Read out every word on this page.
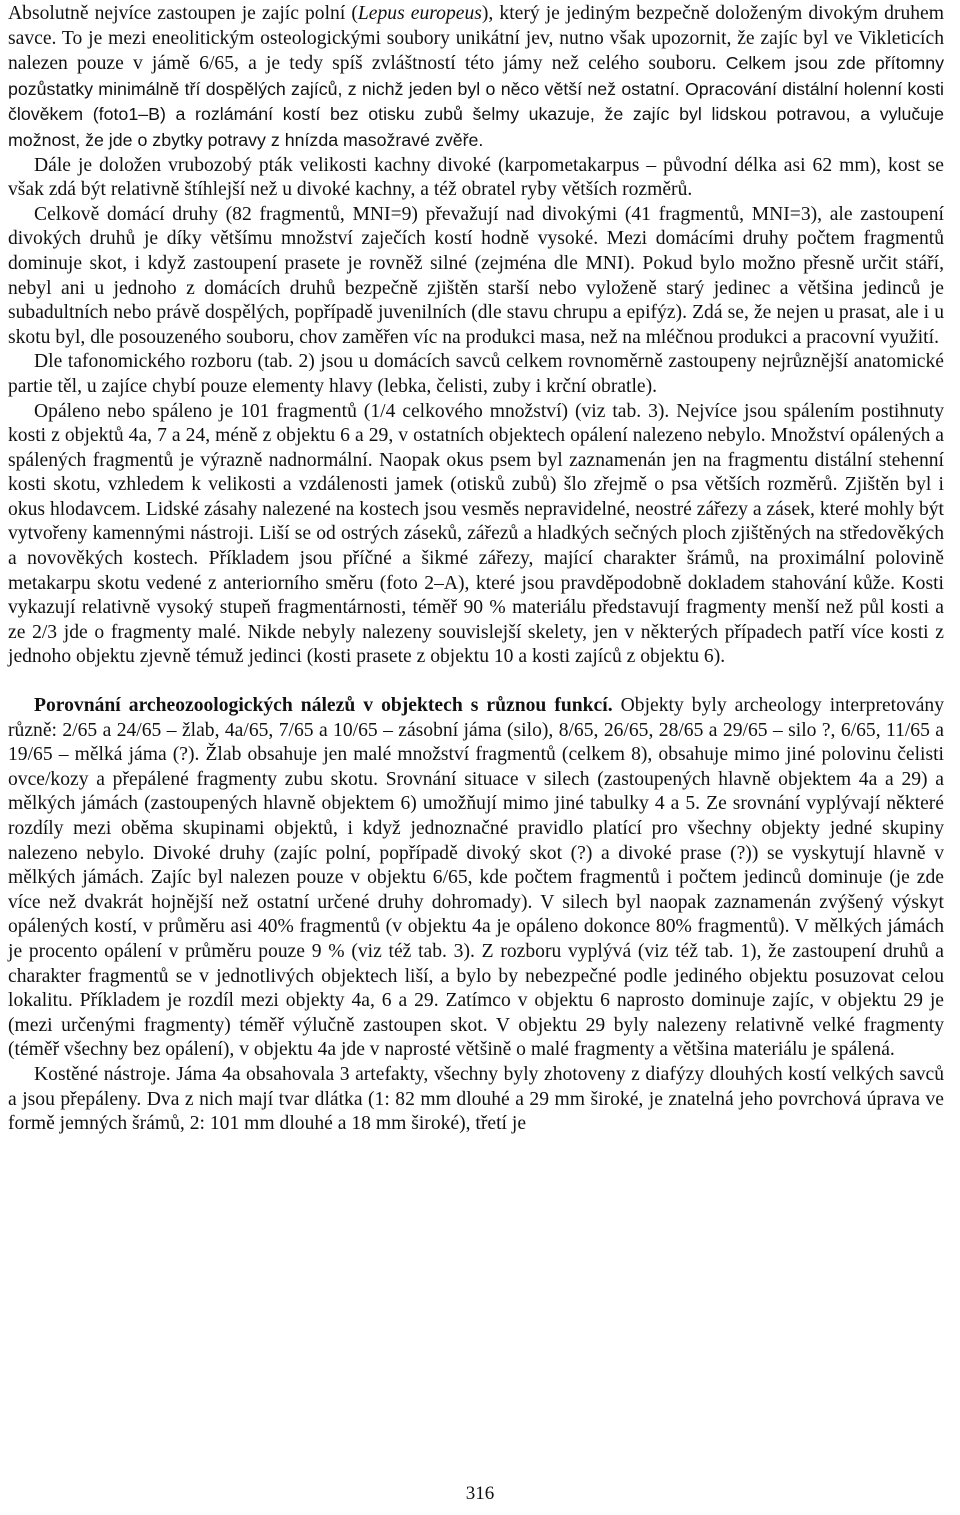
Absolutně nejvíce zastoupen je zajíc polní (Lepus europeus), který je jediným bezpečně doloženým divokým druhem savce. To je mezi eneolitickým osteologickými soubory unikátní jev, nutno však upozornit, že zajíc byl ve Vikleticích nalezen pouze v jámě 6/65, a je tedy spíš zvláštností této jámy než celého souboru. Celkem jsou zde přítomny pozůstatky minimálně tří dospělých zajíců, z nichž jeden byl o něco větší než ostatní. Opracování distální holenní kosti člověkem (foto1–B) a rozlámání kostí bez otisku zubů šelmy ukazuje, že zajíc byl lidskou potravou, a vylučuje možnost, že jde o zbytky potravy z hnízda masožravé zvěře.

Dále je doložen vrubozobý pták velikosti kachny divoké (karpometakarpus – původní délka asi 62 mm), kost se však zdá být relativně štíhlejší než u divoké kachny, a též obratel ryby větších rozměrů.

Celkově domácí druhy (82 fragmentů, MNI=9) převažují nad divokými (41 fragmentů, MNI=3), ale zastoupení divokých druhů je díky většímu množství zaječích kostí hodně vysoké. Mezi domácími druhy počtem fragmentů dominuje skot, i když zastoupení prasete je rovněž silné (zejména dle MNI). Pokud bylo možno přesně určit stáří, nebyl ani u jednoho z domácích druhů bezpečně zjištěn starší nebo vyloženě starý jedinec a většina jedinců je subadultních nebo právě dospělých, popřípadě juvenilních (dle stavu chrupu a epifýz). Zdá se, že nejen u prasat, ale i u skotu byl, dle posouzeného souboru, chov zaměřen víc na produkci masa, než na mléčnou produkci a pracovní využití.

Dle tafonomického rozboru (tab. 2) jsou u domácích savců celkem rovnoměrně zastoupeny nejrůznější anatomické partie těl, u zajíce chybí pouze elementy hlavy (lebka, čelisti, zuby i krční obratle).

Opáleno nebo spáleno je 101 fragmentů (1/4 celkového množství) (viz tab. 3). Nejvíce jsou spálením postihnuty kosti z objektů 4a, 7 a 24, méně z objektu 6 a 29, v ostatních objektech opálení nalezeno nebylo. Množství opálených a spálených fragmentů je výrazně nadnormální. Naopak okus psem byl zaznamenán jen na fragmentu distální stehenní kosti skotu, vzhledem k velikosti a vzdálenosti jamek (otisků zubů) šlo zřejmě o psa větších rozměrů. Zjištěn byl i okus hlodavcem. Lidské zásahy nalezené na kostech jsou vesměs nepravidelné, neostré zářezy a zásek, které mohly být vytvořeny kamennými nástroji. Liší se od ostrých záseků, zářezů a hladkých sečných ploch zjištěných na středověkých a novověkých kostech. Příkladem jsou příčné a šikmé zářezy, mající charakter šrámů, na proximální polovině metakarpu skotu vedené z anteriorního směru (foto 2–A), které jsou pravděpodobně dokladem stahování kůže. Kosti vykazují relativně vysoký stupeň fragmentárnosti, téměř 90 % materiálu představují fragmenty menší než půl kosti a ze 2/3 jde o fragmenty malé. Nikde nebyly nalezeny souvislejší skelety, jen v některých případech patří více kosti z jednoho objektu zjevně témuž jedinci (kosti prasete z objektu 10 a kosti zajíců z objektu 6).

Porovnání archeozoologických nálezů v objektech s různou funkcí. Objekty byly archeology interpretovány různě: 2/65 a 24/65 – žlab, 4a/65, 7/65 a 10/65 – zásobní jáma (silo), 8/65, 26/65, 28/65 a 29/65 – silo ?, 6/65, 11/65 a 19/65 – mělká jáma (?). Žlab obsahuje jen malé množství fragmentů (celkem 8), obsahuje mimo jiné polovinu čelisti ovce/kozy a přepálené fragmenty zubu skotu. Srovnání situace v silech (zastoupených hlavně objektem 4a a 29) a mělkých jámách (zastoupených hlavně objektem 6) umožňují mimo jiné tabulky 4 a 5. Ze srovnání vyplývají některé rozdíly mezi oběma skupinami objektů, i když jednoznačné pravidlo platící pro všechny objekty jedné skupiny nalezeno nebylo. Divoké druhy (zajíc polní, popřípadě divoký skot (?) a divoké prase (?)) se vyskytují hlavně v mělkých jámách. Zajíc byl nalezen pouze v objektu 6/65, kde počtem fragmentů i počtem jedinců dominuje (je zde více než dvakrát hojnější než ostatní určené druhy dohromady). V silech byl naopak zaznamenán zvýšený výskyt opálených kostí, v průměru asi 40% fragmentů (v objektu 4a je opáleno dokonce 80% fragmentů). V mělkých jámách je procento opálení v průměru pouze 9 % (viz též tab. 3). Z rozboru vyplývá (viz též tab. 1), že zastoupení druhů a charakter fragmentů se v jednotlivých objektech liší, a bylo by nebezpečné podle jediného objektu posuzovat celou lokalitu. Příkladem je rozdíl mezi objekty 4a, 6 a 29. Zatímco v objektu 6 naprosto dominuje zajíc, v objektu 29 je (mezi určenými fragmenty) téměř výlučně zastoupen skot. V objektu 29 byly nalezeny relativně velké fragmenty (téměř všechny bez opálení), v objektu 4a jde v naprosté většině o malé fragmenty a většina materiálu je spálená.

Kostěné nástroje. Jáma 4a obsahovala 3 artefakty, všechny byly zhotoveny z diafýzy dlouhých kostí velkých savců a jsou přepáleny. Dva z nich mají tvar dlátka (1: 82 mm dlouhé a 29 mm široké, je znatelná jeho povrchová úprava ve formě jemných šrámů, 2: 101 mm dlouhé a 18 mm široké), třetí je

316
